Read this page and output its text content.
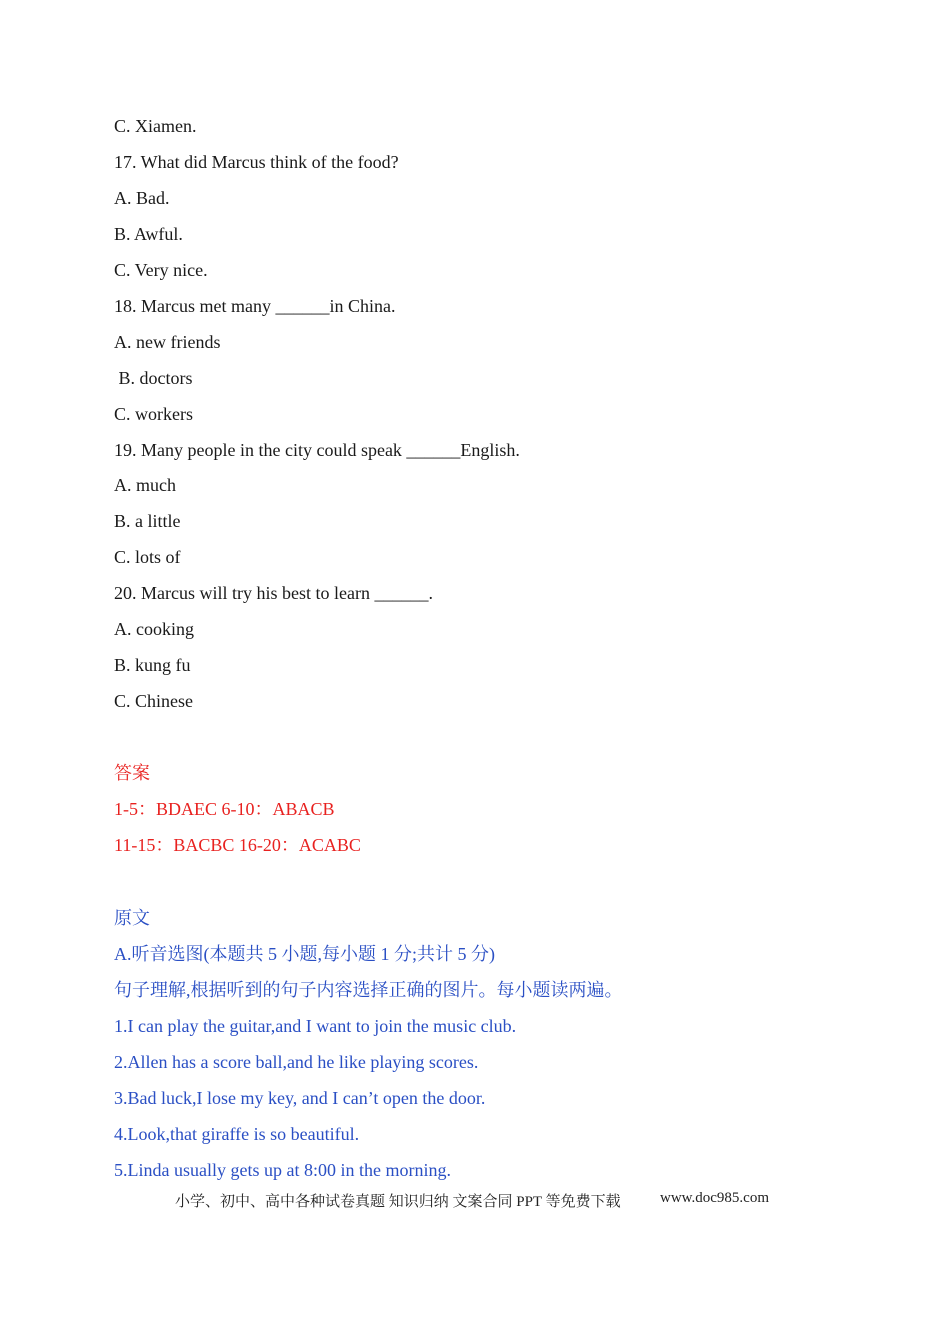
C. Xiamen.
17. What did Marcus think of the food?
A. Bad.
B. Awful.
C. Very nice.
18. Marcus met many ______in China.
A. new friends
B. doctors
C. workers
19. Many people in the city could speak ______English.
A. much
B. a little
C. lots of
20. Marcus will try his best to learn ______.
A. cooking
B. kung fu
C. Chinese
答案
1-5：BDAEC 6-10：ABACB
11-15：BACBC 16-20：ACABC
原文
A.听音选图(本题共 5 小题,每小题 1 分;共计 5 分)
句子理解,根据听到的句子内容选择正确的图片。每小题读两遍。
1.I can play the guitar,and I want to join the music club.
2.Allen has a score ball,and he like playing scores.
3.Bad luck,I lose my key, and I can’t open the door.
4.Look,that giraffe is so beautiful.
5.Linda usually gets up at 8:00 in the morning.
小学、初中、高中各种试卷真题 知识归纳 文案合同 PPT 等免费下载	www.doc985.com
